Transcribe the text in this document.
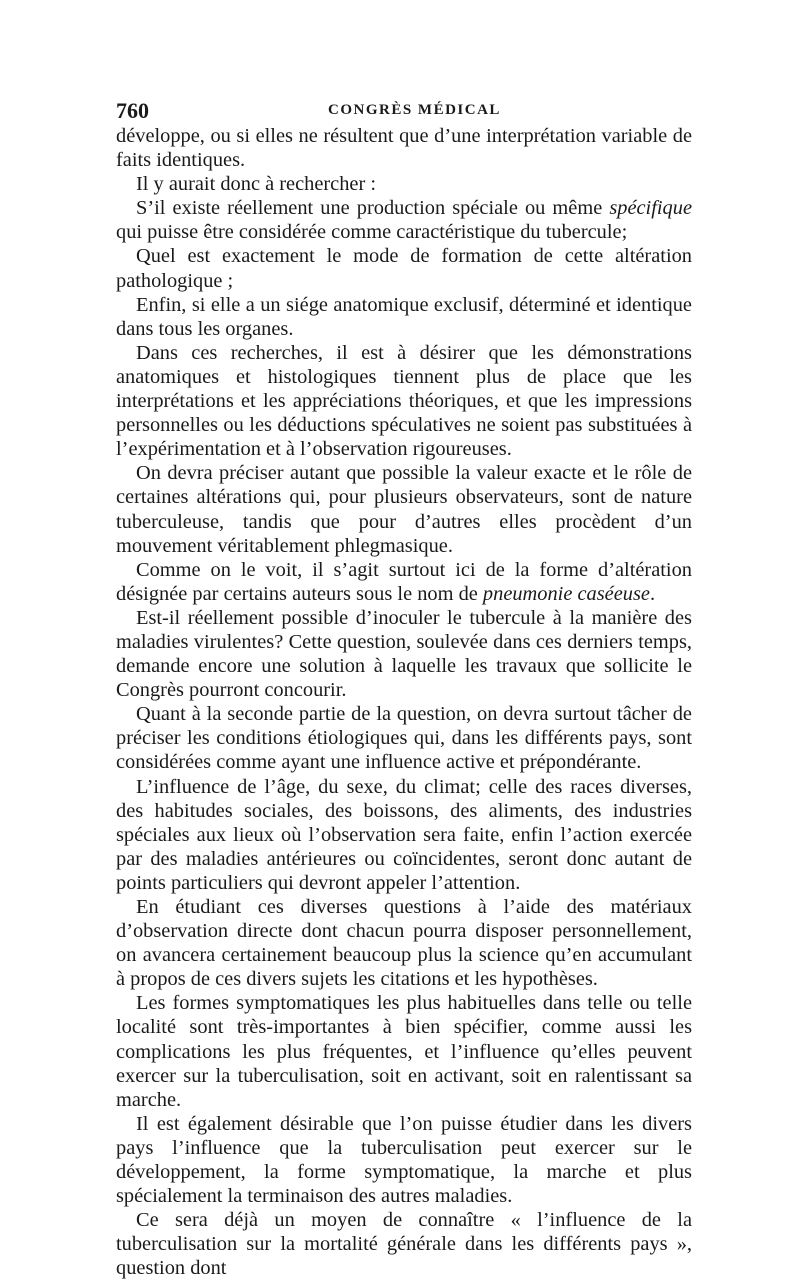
760	CONGRÈS MÉDICAL

développe, ou si elles ne résultent que d’une interprétation variable de faits identiques.

Il y aurait donc à rechercher :

S’il existe réellement une production spéciale ou même spécifique qui puisse être considérée comme caractéristique du tubercule;

Quel est exactement le mode de formation de cette altération pathologique ;

Enfin, si elle a un siége anatomique exclusif, déterminé et identique dans tous les organes.

Dans ces recherches, il est à désirer que les démonstrations anatomiques et histologiques tiennent plus de place que les interprétations et les appréciations théoriques, et que les impressions personnelles ou les déductions spéculatives ne soient pas substituées à l’expérimentation et à l’observation rigoureuses.

On devra préciser autant que possible la valeur exacte et le rôle de certaines altérations qui, pour plusieurs observateurs, sont de nature tuberculeuse, tandis que pour d’autres elles procèdent d’un mouvement véritablement phlegmasique.

Comme on le voit, il s’agit surtout ici de la forme d’altération désignée par certains auteurs sous le nom de pneumonie caséeuse.

Est-il réellement possible d’inoculer le tubercule à la manière des maladies virulentes? Cette question, soulevée dans ces derniers temps, demande encore une solution à laquelle les travaux que sollicite le Congrès pourront concourir.

Quant à la seconde partie de la question, on devra surtout tâcher de préciser les conditions étiologiques qui, dans les différents pays, sont considérées comme ayant une influence active et prépondérante.

L’influence de l’âge, du sexe, du climat; celle des races diverses, des habitudes sociales, des boissons, des aliments, des industries spéciales aux lieux où l’observation sera faite, enfin l’action exercée par des maladies antérieures ou coïncidentes, seront donc autant de points particuliers qui devront appeler l’attention.

En étudiant ces diverses questions à l’aide des matériaux d’observation directe dont chacun pourra disposer personnellement, on avancera certainement beaucoup plus la science qu’en accumulant à propos de ces divers sujets les citations et les hypothèses.

Les formes symptomatiques les plus habituelles dans telle ou telle localité sont très-importantes à bien spécifier, comme aussi les complications les plus fréquentes, et l’influence qu’elles peuvent exercer sur la tuberculisation, soit en activant, soit en ralentissant sa marche.

Il est également désirable que l’on puisse étudier dans les divers pays l’influence que la tuberculisation peut exercer sur le développement, la forme symptomatique, la marche et plus spécialement la terminaison des autres maladies.

Ce sera déjà un moyen de connaître « l’influence de la tuberculisation sur la mortalité générale dans les différents pays », question dont
